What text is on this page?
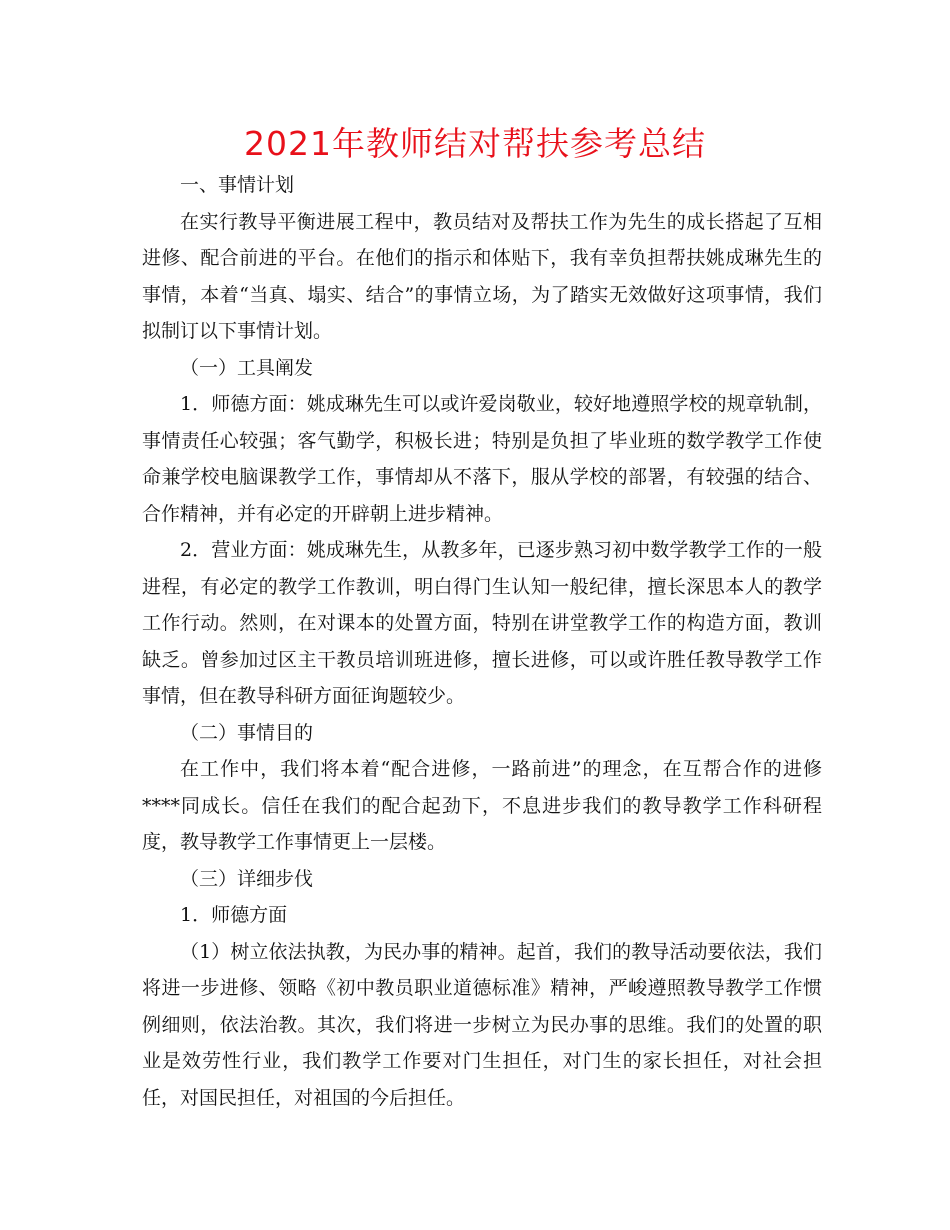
2021年教师结对帮扶参考总结

一、事情计划

在实行教导平衡进展工程中，教员结对及帮扶工作为先生的成长搭起了互相进修、配合前进的平台。在他们的指示和体贴下，我有幸负担帮扶姚成琳先生的事情，本着“当真、塌实、结合”的事情立场，为了踏实无效做好这项事情，我们拟制订以下事情计划。

（一）工具阐发

1．师德方面：姚成琳先生可以或许爱岗敬业，较好地遵照学校的规章轨制，事情责任心较强；客气勤学，积极长进；特别是负担了毕业班的数学教学工作使命兼学校电脑课教学工作，事情却从不落下，服从学校的部署，有较强的结合、合作精神，并有必定的开辟朝上进步精神。

2．营业方面：姚成琳先生，从教多年，已逐步熟习初中数学教学工作的一般进程，有必定的教学工作教训，明白得门生认知一般纪律，擅长深思本人的教学工作行动。然则，在对课本的处置方面，特别在讲堂教学工作的构造方面，教训缺乏。曾参加过区主干教员培训班进修，擅长进修，可以或许胜任教导教学工作事情，但在教导科研方面征询题较少。

（二）事情目的

在工作中，我们将本着“配合进修，一路前进”的理念，在互帮合作的进修****同成长。信任在我们的配合起劲下，不息进步我们的教导教学工作科研程度，教导教学工作事情更上一层楼。

（三）详细步伐

1．师德方面

（1）树立依法执教，为民办事的精神。起首，我们的教导活动要依法，我们将进一步进修、领略《初中教员职业道德标准》精神，严峻遵照教导教学工作惯例细则，依法治教。其次，我们将进一步树立为民办事的思维。我们的处置的职业是效劳性行业，我们教学工作要对门生担任，对门生的家长担任，对社会担任，对国民担任，对祖国的今后担任。
